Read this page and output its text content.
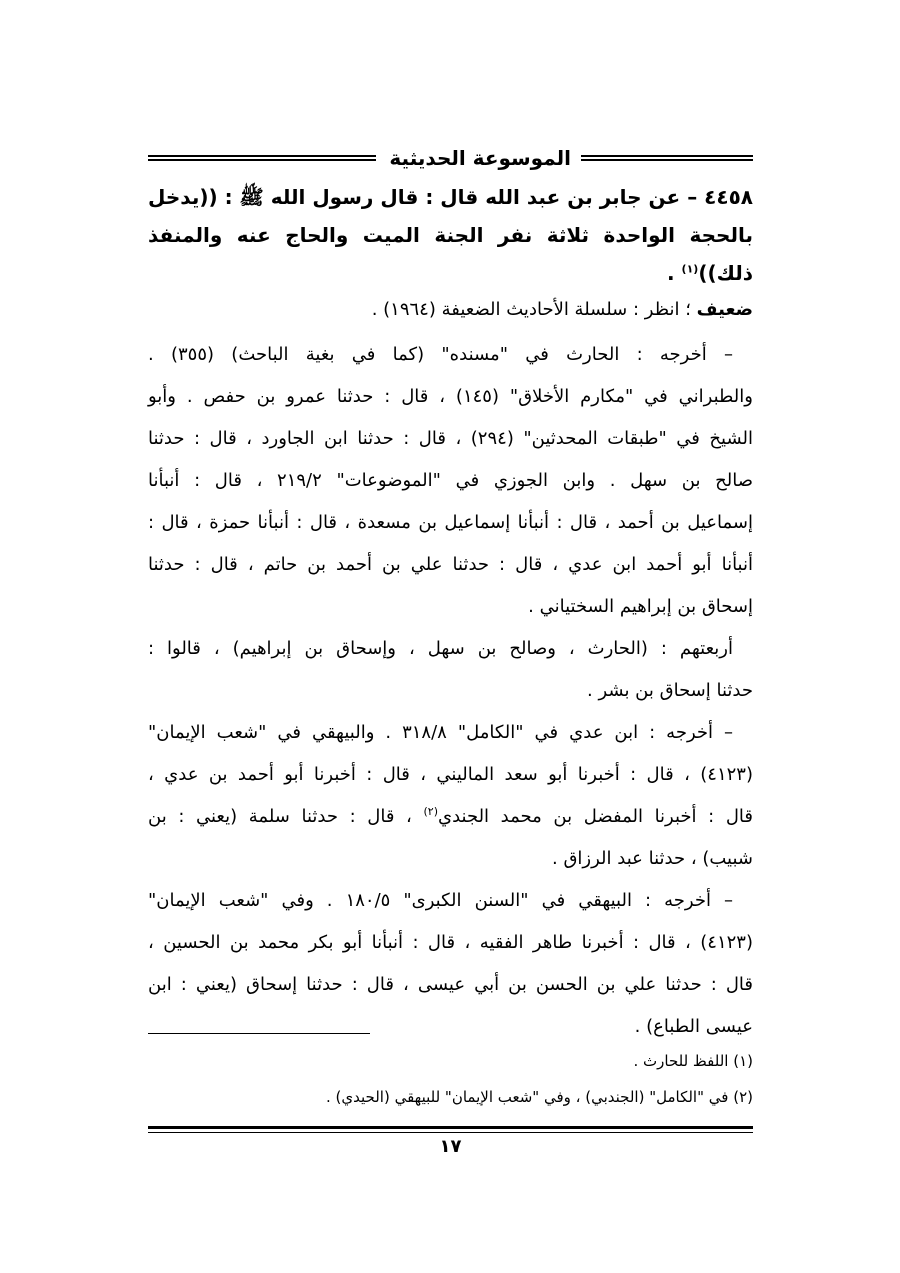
الموسوعة الحديثية
٤٤٥٨ – عن جابر بن عبد الله قال : قال رسول الله ﷺ : ((يدخل بالحجة الواحدة ثلاثة نفر الجنة الميت والحاج عنه والمنفذ ذلك))$^{(١)}$ .
ضعيف ؛ انظر : سلسلة الأحاديث الضعيفة (١٩٦٤) .
– أخرجه : الحارث في "مسنده" (كما في بغية الباحث) (٣٥٥) .
والطبراني في "مكارم الأخلاق" (١٤٥) ، قال : حدثنا عمرو بن حفص . وأبو
الشيخ في "طبقات المحدثين" (٢٩٤) ، قال : حدثنا ابن الجاورد ، قال : حدثنا
صالح بن سهل . وابن الجوزي في "الموضوعات" ٢١٩/٢ ، قال : أنبأنا
إسماعيل بن أحمد ، قال : أنبأنا إسماعيل بن مسعدة ، قال : أنبأنا حمزة ، قال :
أنبأنا أبو أحمد ابن عدي ، قال : حدثنا علي بن أحمد بن حاتم ، قال : حدثنا
إسحاق بن إبراهيم السختياني .
أربعتهم : (الحارث ، وصالح بن سهل ، وإسحاق بن إبراهيم) ، قالوا :
حدثنا إسحاق بن بشر .
– أخرجه : ابن عدي في "الكامل" ٣١٨/٨ . والبيهقي في "شعب الإيمان"
(٤١٢٣) ، قال : أخبرنا أبو سعد الماليني ، قال : أخبرنا أبو أحمد بن عدي ،
قال : أخبرنا المفضل بن محمد الجندي$^{(٢)}$ ، قال : حدثنا سلمة (يعني : بن
شبيب) ، حدثنا عبد الرزاق .
– أخرجه : البيهقي في "السنن الكبرى" ١٨٠/٥ . وفي "شعب الإيمان"
(٤١٢٣) ، قال : أخبرنا طاهر الفقيه ، قال : أنبأنا أبو بكر محمد بن الحسين ،
قال : حدثنا علي بن الحسن بن أبي عيسى ، قال : حدثنا إسحاق (يعني : ابن
عيسى الطباع) .
(١) اللفظ للحارث .
(٢) في "الكامل" (الجندبي) ، وفي "شعب الإيمان" للبيهقي (الحيدي) .
١٧
